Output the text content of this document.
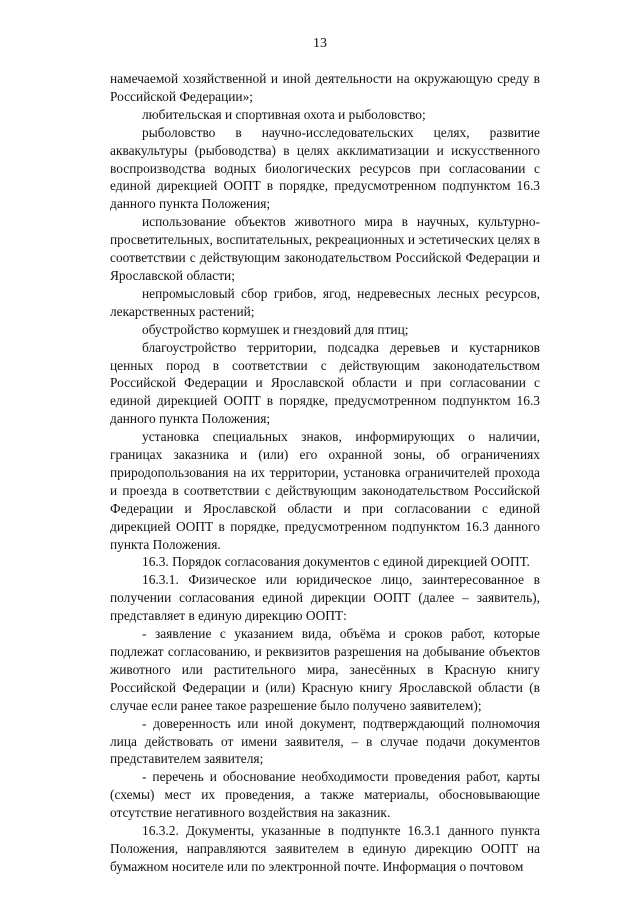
13

намечаемой хозяйственной и иной деятельности на окружающую среду в Российской Федерации»;

любительская и спортивная охота и рыболовство;

рыболовство в научно-исследовательских целях, развитие аквакультуры (рыбоводства) в целях акклиматизации и искусственного воспроизводства водных биологических ресурсов при согласовании с единой дирекцией ООПТ в порядке, предусмотренном подпунктом 16.3 данного пункта Положения;

использование объектов животного мира в научных, культурно-просветительных, воспитательных, рекреационных и эстетических целях в соответствии с действующим законодательством Российской Федерации и Ярославской области;

непромысловый сбор грибов, ягод, недревесных лесных ресурсов, лекарственных растений;

обустройство кормушек и гнездовий для птиц;

благоустройство территории, подсадка деревьев и кустарников ценных пород в соответствии с действующим законодательством Российской Федерации и Ярославской области и при согласовании с единой дирекцией ООПТ в порядке, предусмотренном подпунктом 16.3 данного пункта Положения;

установка специальных знаков, информирующих о наличии, границах заказника и (или) его охранной зоны, об ограничениях природопользования на их территории, установка ограничителей прохода и проезда в соответствии с действующим законодательством Российской Федерации и Ярославской области и при согласовании с единой дирекцией ООПТ в порядке, предусмотренном подпунктом 16.3 данного пункта Положения.

16.3. Порядок согласования документов с единой дирекцией ООПТ.

16.3.1. Физическое или юридическое лицо, заинтересованное в получении согласования единой дирекции ООПТ (далее – заявитель), представляет в единую дирекцию ООПТ:

- заявление с указанием вида, объёма и сроков работ, которые подлежат согласованию, и реквизитов разрешения на добывание объектов животного или растительного мира, занесённых в Красную книгу Российской Федерации и (или) Красную книгу Ярославской области (в случае если ранее такое разрешение было получено заявителем);

- доверенность или иной документ, подтверждающий полномочия лица действовать от имени заявителя, – в случае подачи документов представителем заявителя;

- перечень и обоснование необходимости проведения работ, карты (схемы) мест их проведения, а также материалы, обосновывающие отсутствие негативного воздействия на заказник.

16.3.2. Документы, указанные в подпункте 16.3.1 данного пункта Положения, направляются заявителем в единую дирекцию ООПТ на бумажном носителе или по электронной почте. Информация о почтовом
